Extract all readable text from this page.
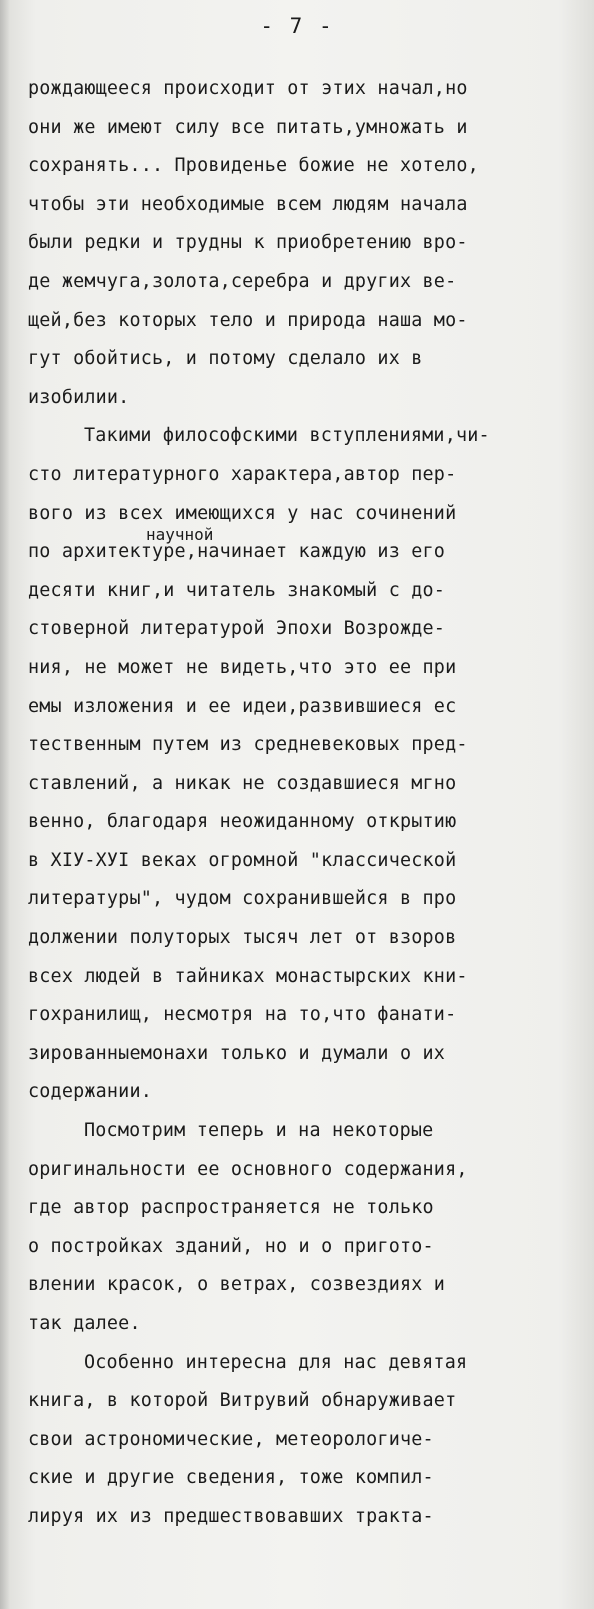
- 7 -

научной
рождающееся происходит от этих начал,но
они же имеют силу все питать,умножать и
сохранять... Провиденье божие не хотело,
чтобы эти необходимые всем людям начала
были редки и трудны к приобретению вро-
де жемчуга,золота,серебра и других ве-
щей,без которых тело и природа наша мо-
гут обойтись, и потому сделало их в
изобилии.
Такими философскими вступлениями,чи-
сто литературного характера,автор пер-
вого из всех имеющихся у нас сочинений
по архитектуре,начинает каждую из его
десяти книг,и читатель знакомый с до-
стоверной литературой Эпохи Возрожде-
ния, не может не видеть,что это ее при
емы изложения и ее идеи,развившиеся ес
тественным путем из средневековых пред-
ставлений, а никак не создавшиеся мгно
венно, благодаря неожиданному открытию
в XIУ-ХУI веках огромной "классической
литературы", чудом сохранившейся в про
должении полуторых тысяч лет от взоров
всех людей в тайниках монастырских кни-
гохранилищ, несмотря на то,что фанати-
зированныемонахи только и думали о их
содержании.
Посмотрим теперь и на некоторые
оригинальности ее основного содержания,
где автор распространяется не только
о постройках зданий, но и о пригото-
влении красок, о ветрах, созвездиях и
так далее.
Особенно интересна для нас девятая
книга, в которой Витрувий обнаруживает
свои астрономические, метеорологиче-
ские и другие сведения, тоже компил-
лируя их из предшествовавших тракта-
